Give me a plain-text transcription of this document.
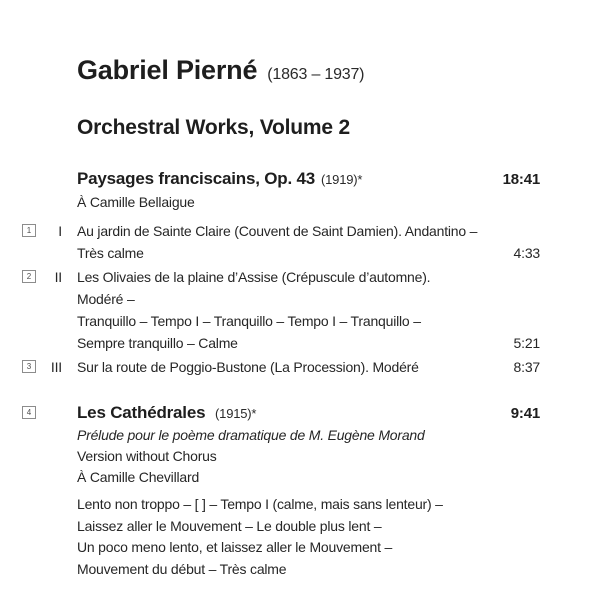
Gabriel Pierné (1863 – 1937)
Orchestral Works, Volume 2
Paysages franciscains, Op. 43 (1919)*	18:41
À Camille Bellaigue
1	I	Au jardin de Sainte Claire (Couvent de Saint Damien). Andantino –
Très calme	4:33
2	II	Les Olivaies de la plaine d’Assise (Crépuscule d’automne). Modéré –
Tranquillo – Tempo I – Tranquillo – Tempo I – Tranquillo –
Sempre tranquillo – Calme	5:21
3	III	Sur la route de Poggio-Bustone (La Procession). Modéré	8:37
4	Les Cathédrales (1915)*	9:41
Prélude pour le poème dramatique de M. Eugène Morand
Version without Chorus
À Camille Chevillard
Lento non troppo – [ ] – Tempo I (calme, mais sans lenteur) –
Laissez aller le Mouvement – Le double plus lent –
Un poco meno lento, et laissez aller le Mouvement –
Mouvement du début – Très calme
